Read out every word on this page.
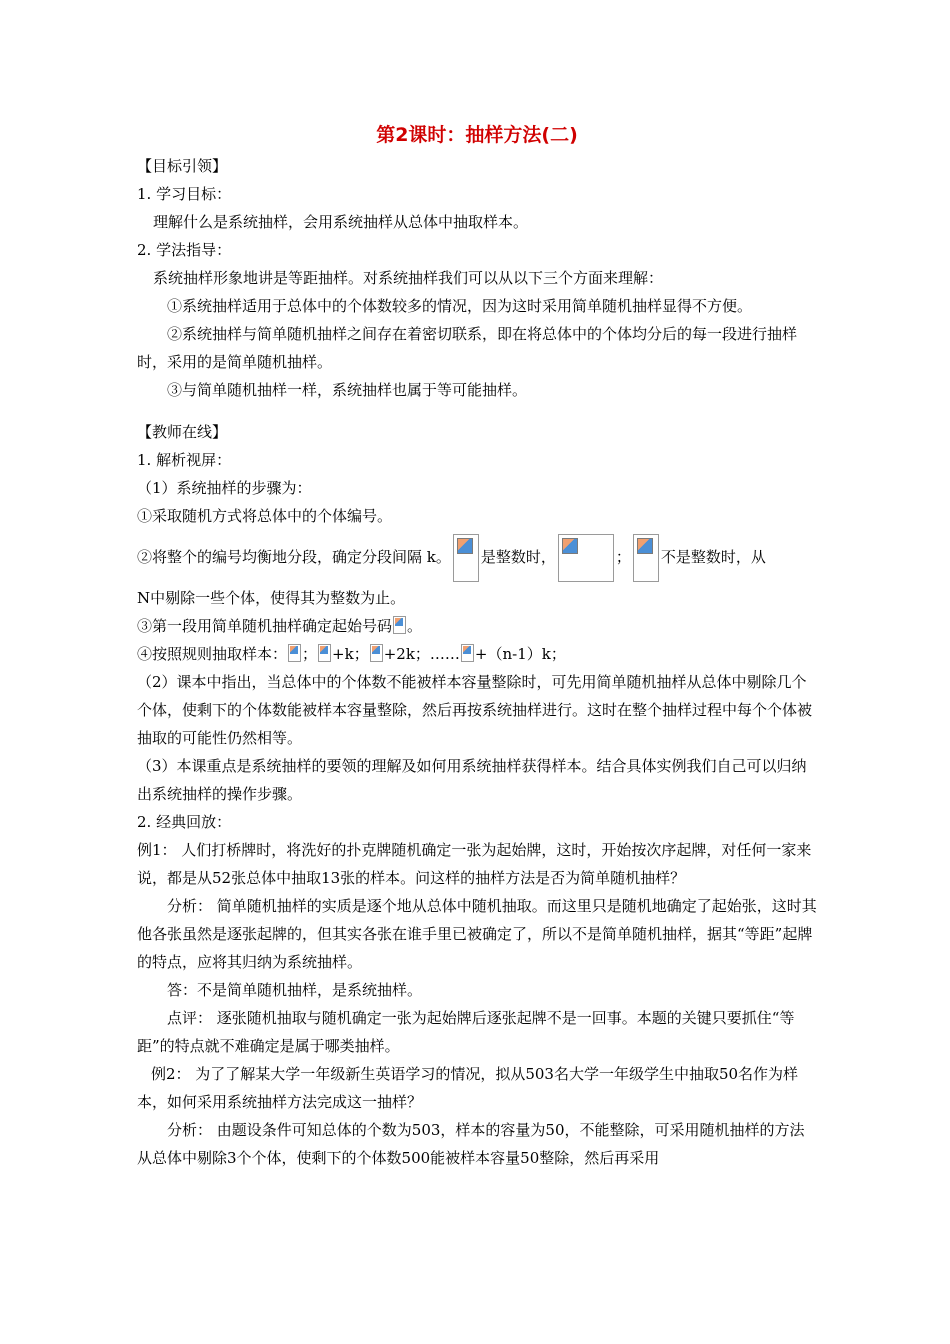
第2课时：抽样方法(二)

【目标引领】

1. 学习目标：

理解什么是系统抽样，会用系统抽样从总体中抽取样本。

2. 学法指导：

系统抽样形象地讲是等距抽样。对系统抽样我们可以从以下三个方面来理解：

①系统抽样适用于总体中的个体数较多的情况，因为这时采用简单随机抽样显得不方便。

②系统抽样与简单随机抽样之间存在着密切联系，即在将总体中的个体均分后的每一段进行抽样时，采用的是简单随机抽样。

③与简单随机抽样一样，系统抽样也属于等可能抽样。

【教师在线】

1. 解析视屏：

（1）系统抽样的步骤为：

①采取随机方式将总体中的个体编号。

②将整个的编号均衡地分段，确定分段间隔 k。 是整数时，	； 不是整数时，从

N中剔除一些个体，使得其为整数为止。

③第一段用简单随机抽样确定起始号码 。

④按照规则抽取样本： ； +k； +2k；…… +（n-1）k；

（2）课本中指出，当总体中的个体数不能被样本容量整除时，可先用简单随机抽样从总体中剔除几个个体，使剩下的个体数能被样本容量整除，然后再按系统抽样进行。这时在整个抽样过程中每个个体被抽取的可能性仍然相等。

（3）本课重点是系统抽样的要领的理解及如何用系统抽样获得样本。结合具体实例我们自己可以归纳出系统抽样的操作步骤。

2. 经典回放：

例1： 人们打桥牌时，将洗好的扑克牌随机确定一张为起始牌，这时，开始按次序起牌，对任何一家来说，都是从52张总体中抽取13张的样本。问这样的抽样方法是否为简单随机抽样？

分析： 简单随机抽样的实质是逐个地从总体中随机抽取。而这里只是随机地确定了起始张，这时其他各张虽然是逐张起牌的，但其实各张在谁手里已被确定了，所以不是简单随机抽样，据其“等距”起牌的特点，应将其归纳为系统抽样。

答：不是简单随机抽样，是系统抽样。

点评： 逐张随机抽取与随机确定一张为起始牌后逐张起牌不是一回事。本题的关键只要抓住“等距”的特点就不难确定是属于哪类抽样。

例2： 为了了解某大学一年级新生英语学习的情况，拟从503名大学一年级学生中抽取50名作为样本，如何采用系统抽样方法完成这一抽样？

分析： 由题设条件可知总体的个数为503，样本的容量为50，不能整除，可采用随机抽样的方法从总体中剔除3个个体，使剩下的个体数500能被样本容量50整除，然后再采用
